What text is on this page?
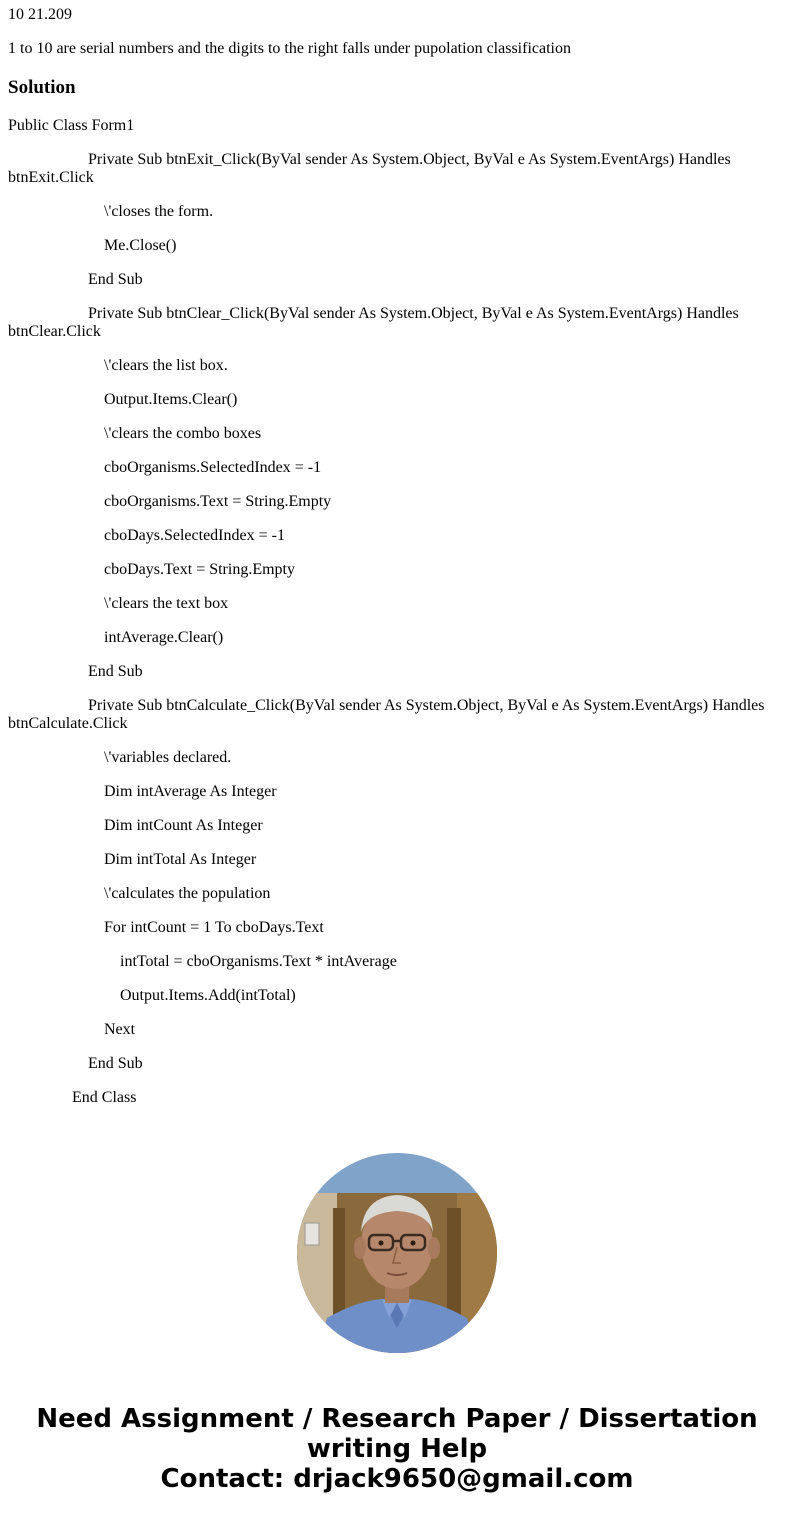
10 21.209
1 to 10 are serial numbers and the digits to the right falls under pupolation classification
Solution

Public Class Form1

Private Sub btnExit_Click(ByVal sender As System.Object, ByVal e As System.EventArgs) Handles btnExit.Click

\'closes the form.

Me.Close()

End Sub

Private Sub btnClear_Click(ByVal sender As System.Object, ByVal e As System.EventArgs) Handles btnClear.Click

\'clears the list box.

Output.Items.Clear()

\'clears the combo boxes

cboOrganisms.SelectedIndex = -1

cboOrganisms.Text = String.Empty

cboDays.SelectedIndex = -1

cboDays.Text = String.Empty

\'clears the text box

intAverage.Clear()

End Sub

Private Sub btnCalculate_Click(ByVal sender As System.Object, ByVal e As System.EventArgs) Handles btnCalculate.Click

\'variables declared.

Dim intAverage As Integer

Dim intCount As Integer

Dim intTotal As Integer

\'calculates the population

For intCount = 1 To cboDays.Text

intTotal = cboOrganisms.Text * intAverage

Output.Items.Add(intTotal)

Next

End Sub

End Class

Need Assignment / Research Paper / Dissertation
writing Help
Contact: drjack9650@gmail.com
